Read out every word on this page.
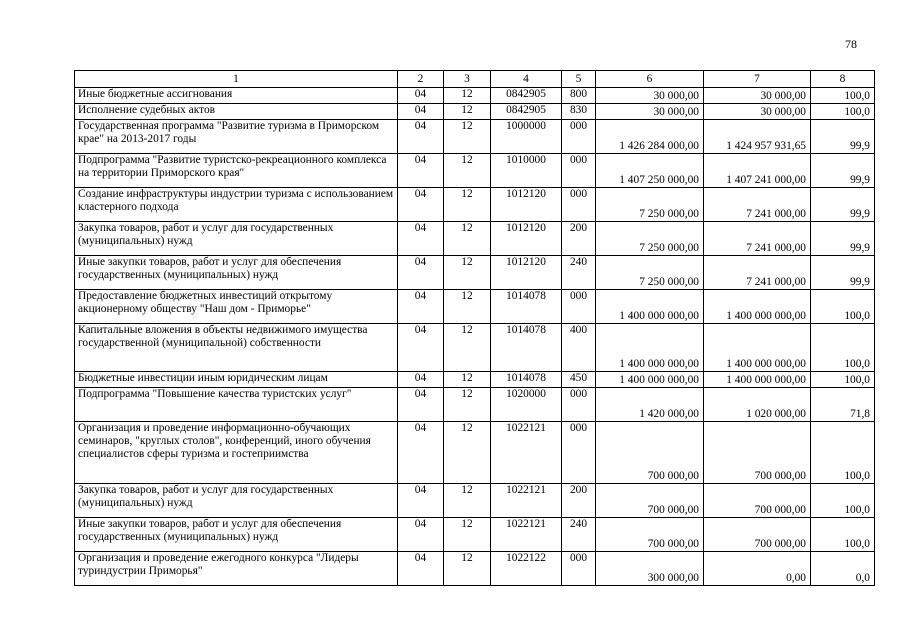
78
1	2	3	4	5	6	7	8
Иные бюджетные ассигнования	04	12	0842905	800	30 000,00	30 000,00	100,0
Исполнение судебных актов	04	12	0842905	830	30 000,00	30 000,00	100,0
Государственная программа "Развитие туризма в Приморском крае" на 2013-2017 годы	04	12	1000000	000	1 426 284 000,00	1 424 957 931,65	99,9
Подпрограмма "Развитие туристско-рекреационного комплекса на территории Приморского края"	04	12	1010000	000	1 407 250 000,00	1 407 241 000,00	99,9
Создание инфраструктуры индустрии туризма с использованием кластерного подхода	04	12	1012120	000	7 250 000,00	7 241 000,00	99,9
Закупка товаров, работ и услуг для государственных (муниципальных) нужд	04	12	1012120	200	7 250 000,00	7 241 000,00	99,9
Иные закупки товаров, работ и услуг для обеспечения государственных (муниципальных) нужд	04	12	1012120	240	7 250 000,00	7 241 000,00	99,9
Предоставление бюджетных инвестиций открытому акционерному обществу "Наш дом - Приморье"	04	12	1014078	000	1 400 000 000,00	1 400 000 000,00	100,0
Капитальные вложения в объекты недвижимого имущества государственной (муниципальной) собственности	04	12	1014078	400	1 400 000 000,00	1 400 000 000,00	100,0
Бюджетные инвестиции иным юридическим лицам	04	12	1014078	450	1 400 000 000,00	1 400 000 000,00	100,0
Подпрограмма "Повышение качества туристских услуг"	04	12	1020000	000	1 420 000,00	1 020 000,00	71,8
Организация и проведение информационно-обучающих семинаров, "круглых столов", конференций, иного обучения специалистов сферы туризма и гостеприимства	04	12	1022121	000	700 000,00	700 000,00	100,0
Закупка товаров, работ и услуг для государственных (муниципальных) нужд	04	12	1022121	200	700 000,00	700 000,00	100,0
Иные закупки товаров, работ и услуг для обеспечения государственных (муниципальных) нужд	04	12	1022121	240	700 000,00	700 000,00	100,0
Организация и проведение ежегодного конкурса "Лидеры туриндустрии Приморья"	04	12	1022122	000	300 000,00	0,00	0,0
